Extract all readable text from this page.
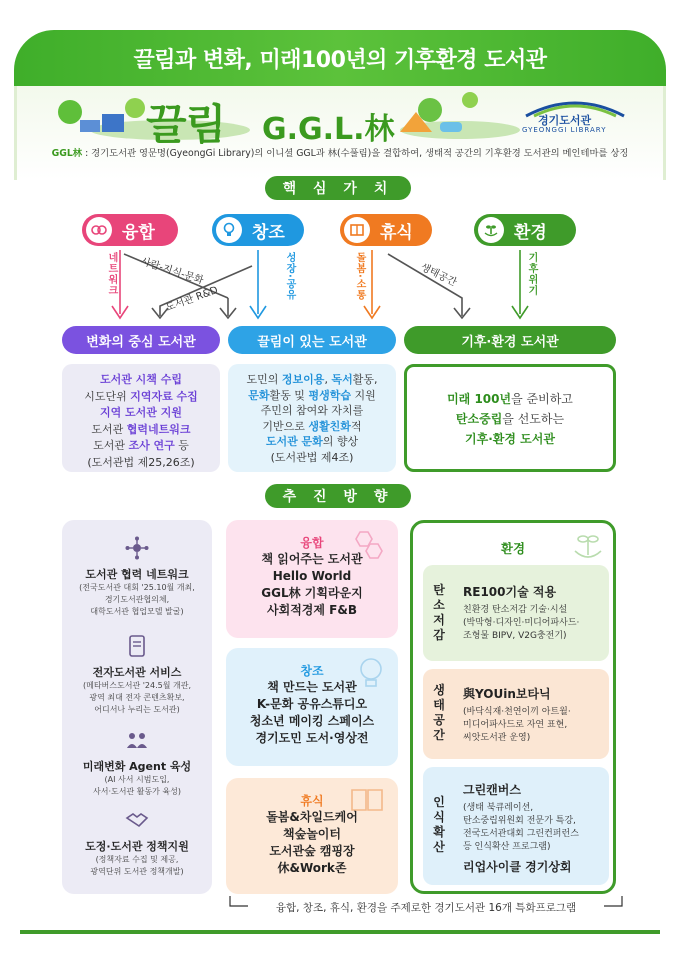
끌림과 변화, 미래100년의 기후환경 도서관
끌림 G.G.L.林	경기도서관
GYEONGGI LIBRARY
GGL林 : 경기도서관 영문명(GyeongGi Library)의 이니셜 GGL과 林(수풀림)을 결합하여, 생태적 공간의 기후환경 도서관의 메인테마를 상징
핵 심 가 치
융합	창조	휴식	환경
네트워크 사람-지식-문화
도서관 R&D	성장·공유	돌봄·소통	생태공간	기후위기
변화의 중심 도서관	끌림이 있는 도서관	기후·환경 도서관
도서관 시책 수립
시도단위 지역자료 수집
지역 도서관 지원
도서관 협력네트워크
도서관 조사 연구 등
(도서관법 제25,26조)
도민의 정보이용, 독서활동,
문화활동 및 평생학습 지원
주민의 참여와 자치를
기반으로 생활친화적
도서관 문화의 향상
(도서관법 제4조)
미래 100년을 준비하고
탄소중립을 선도하는
기후·환경 도서관
추 진 방 향
도서관 협력 네트워크
(전국도서관 대회 '25.10월 개최,
경기도서관협의체,
대학도서관 협업모델 발굴)
전자도서관 서비스
(메타버스도서관 '24.5월 개관,
광역 최대 전자 콘텐츠확보,
어디서나 누리는 도서관)
미래변화 Agent 육성
(AI 사서 시범도입,
사서·도서관 활동가 육성)
도정·도서관 정책지원
(정책자료 수집 및 제공,
광역단위 도서관 정책개발)
융합
책 읽어주는 도서관
Hello World
GGL林 기획라운지
사회적경제 F&B
창조
책 만드는 도서관
K-문화 공유스튜디오
청소년 메이킹 스페이스
경기도민 도서·영상전
휴식
돌봄&차일드케어
책숲놀이터
도서관숲 캠핑장
休&Work존
환경
탄
소
저
감
RE100기술 적용
친환경 탄소저감 기술·시설
(박막형·디자인·미디어파사드·
조형물 BIPV, V2G충전기)
생
태
공
간
與YOUin보타닉
(바닥식재·천연이끼 아트월·
미디어파사드로 자연 표현,
씨앗도서관 운영)
인
식
확
산
그린캔버스
(생태 북큐레이션,
탄소중립위원회 전문가 특강,
전국도서관대회 그린컨퍼런스
등 인식확산 프로그램)
리업사이클 경기상회
융합, 창조, 휴식, 환경을 주제로한 경기도서관 16개 특화프로그램
